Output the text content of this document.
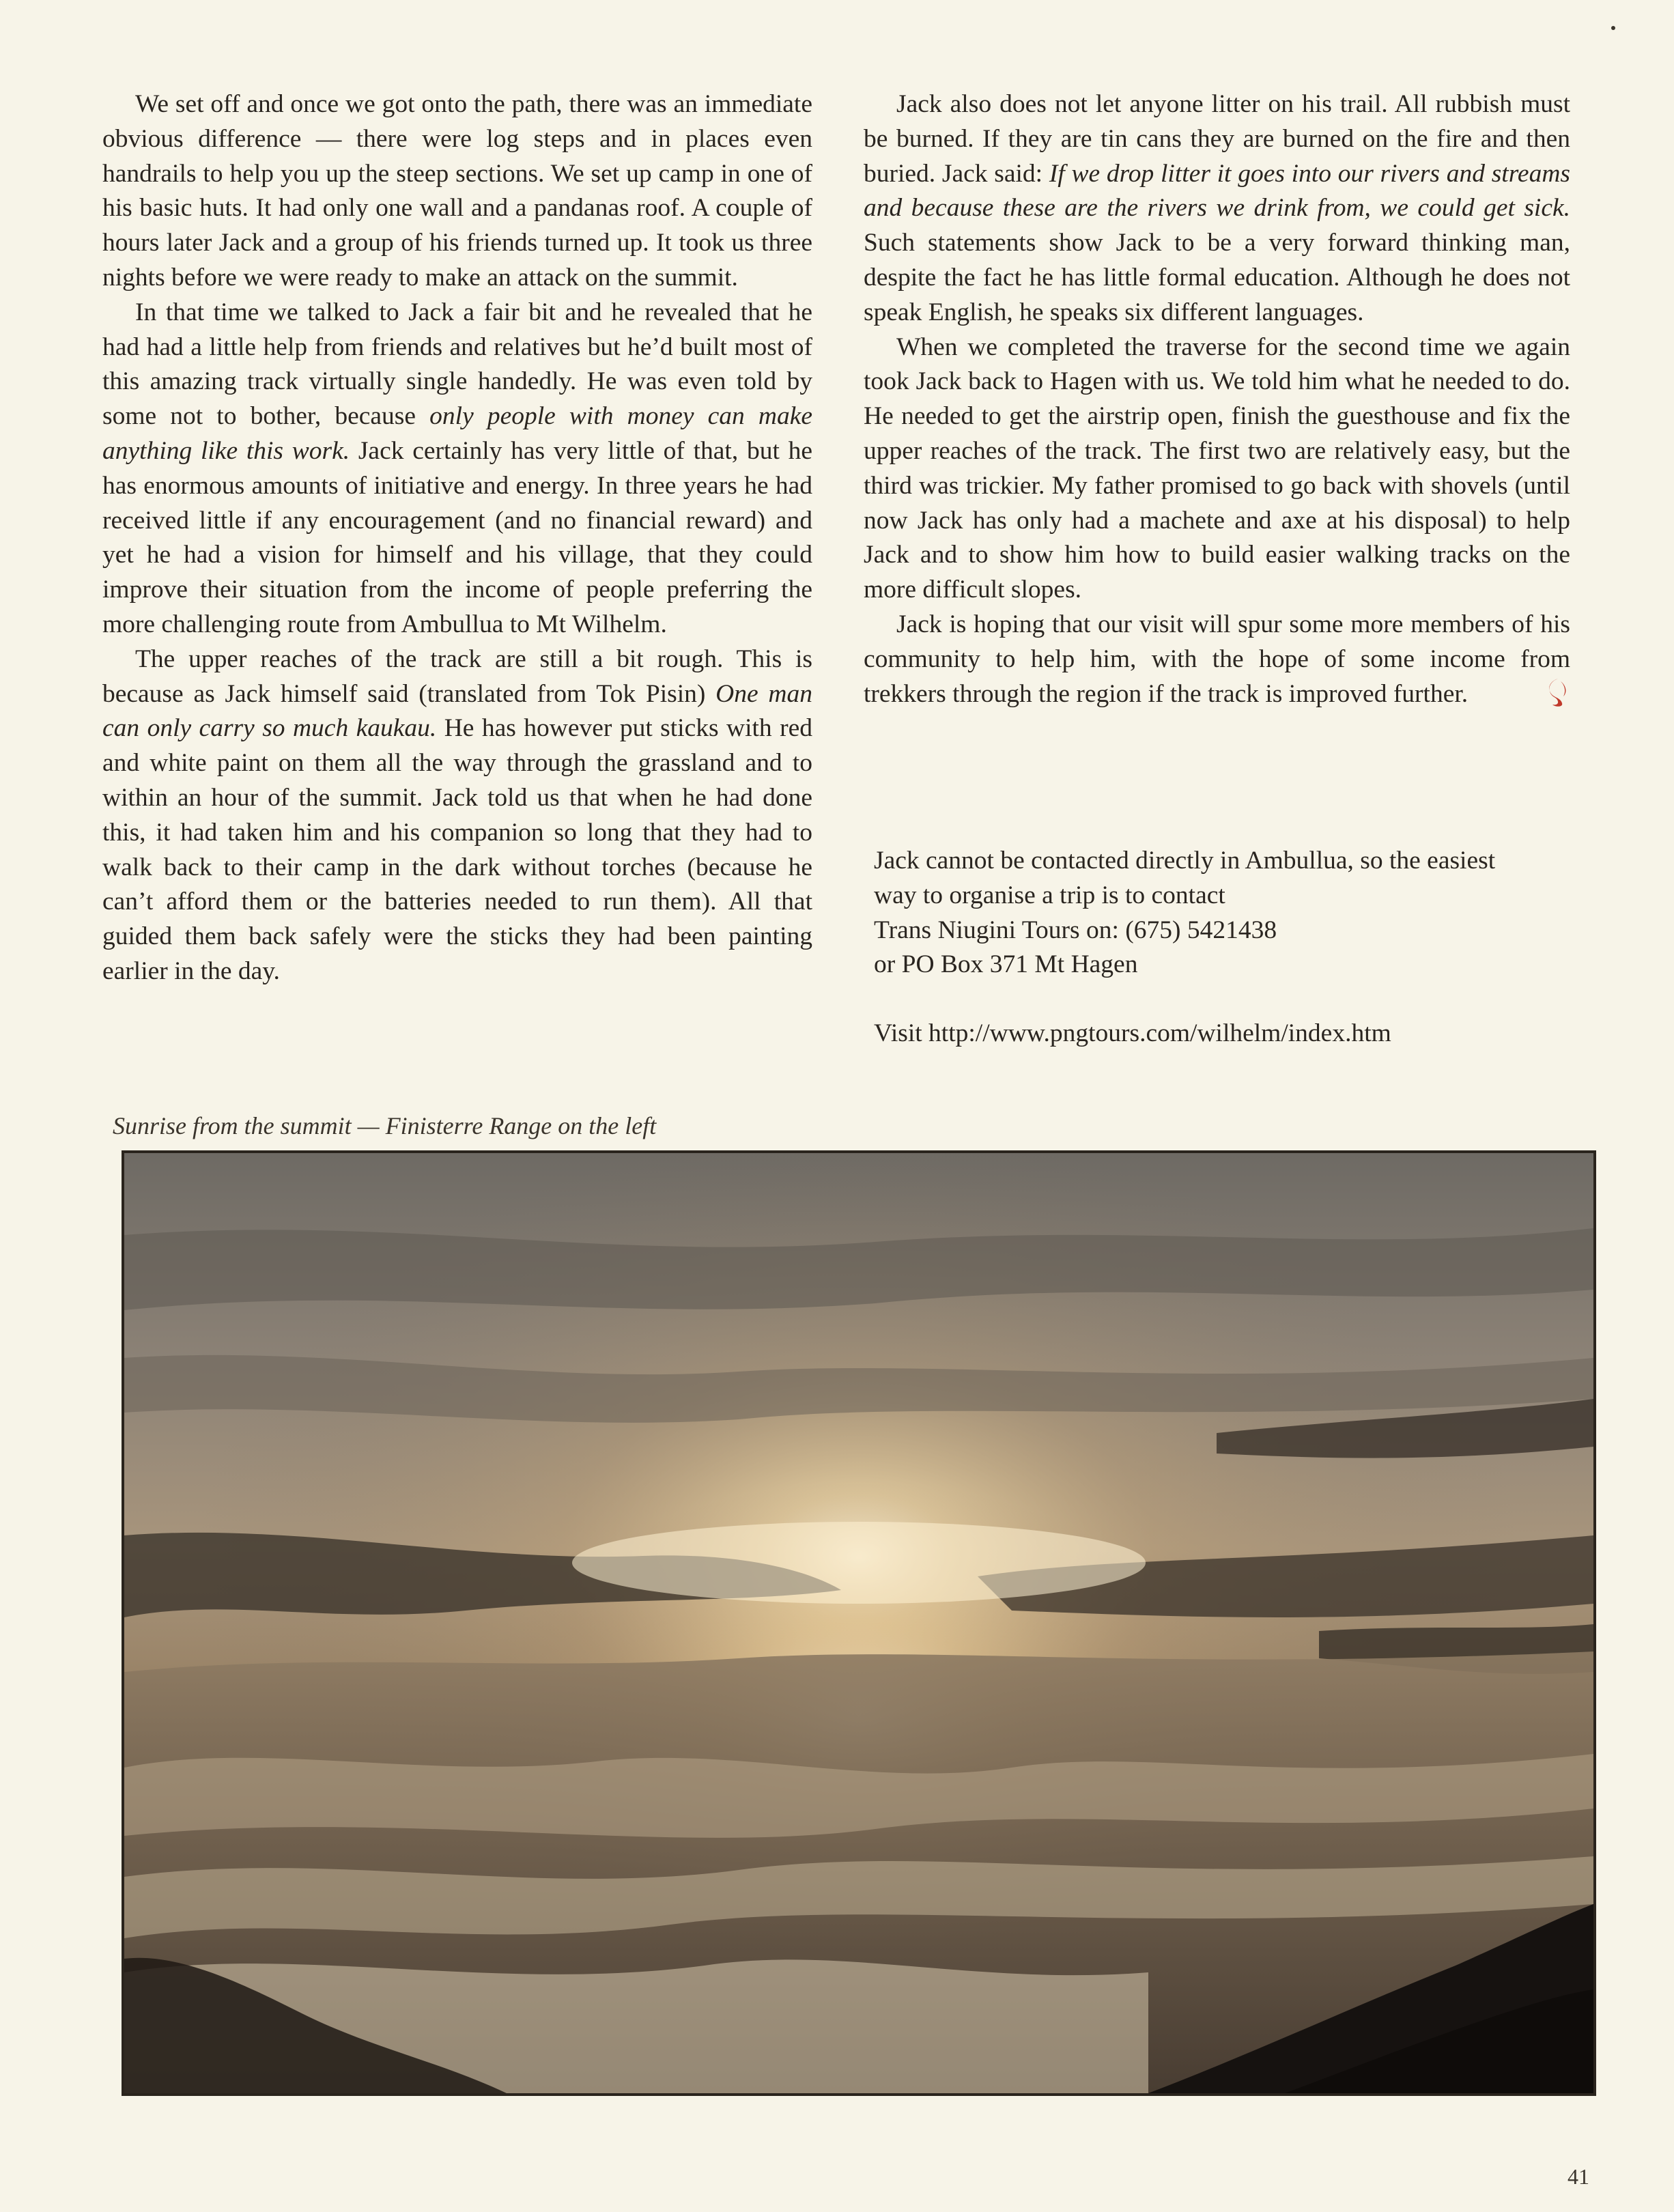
We set off and once we got onto the path, there was an immediate obvious difference — there were log steps and in places even handrails to help you up the steep sections. We set up camp in one of his basic huts. It had only one wall and a pandanas roof. A couple of hours later Jack and a group of his friends turned up. It took us three nights before we were ready to make an attack on the summit.

In that time we talked to Jack a fair bit and he revealed that he had had a little help from friends and relatives but he’d built most of this amazing track virtually single handedly. He was even told by some not to bother, because only people with money can make anything like this work. Jack certainly has very little of that, but he has enormous amounts of initiative and energy. In three years he had received little if any encouragement (and no financial reward) and yet he had a vision for himself and his village, that they could improve their situation from the income of people preferring the more challenging route from Ambullua to Mt Wilhelm.

The upper reaches of the track are still a bit rough. This is because as Jack himself said (translated from Tok Pisin) One man can only carry so much kaukau. He has however put sticks with red and white paint on them all the way through the grassland and to within an hour of the summit. Jack told us that when he had done this, it had taken him and his companion so long that they had to walk back to their camp in the dark without torches (because he can’t afford them or the batteries needed to run them). All that guided them back safely were the sticks they had been painting earlier in the day.

Jack also does not let anyone litter on his trail. All rubbish must be burned. If they are tin cans they are burned on the fire and then buried. Jack said: If we drop litter it goes into our rivers and streams and because these are the rivers we drink from, we could get sick. Such statements show Jack to be a very forward thinking man, despite the fact he has little formal education. Although he does not speak English, he speaks six different languages.

When we completed the traverse for the second time we again took Jack back to Hagen with us. We told him what he needed to do. He needed to get the airstrip open, finish the guesthouse and fix the upper reaches of the track. The first two are relatively easy, but the third was trickier. My father promised to go back with shovels (until now Jack has only had a machete and axe at his disposal) to help Jack and to show him how to build easier walking tracks on the more difficult slopes.

Jack is hoping that our visit will spur some more members of his community to help him, with the hope of some income from trekkers through the region if the track is improved further.

Jack cannot be contacted directly in Ambullua, so the easiest

way to organise a trip is to contact

Trans Niugini Tours on: (675) 5421438

or PO Box 371 Mt Hagen

Visit http://www.pngtours.com/wilhelm/index.htm

Sunrise from the summit — Finisterre Range on the left
41
